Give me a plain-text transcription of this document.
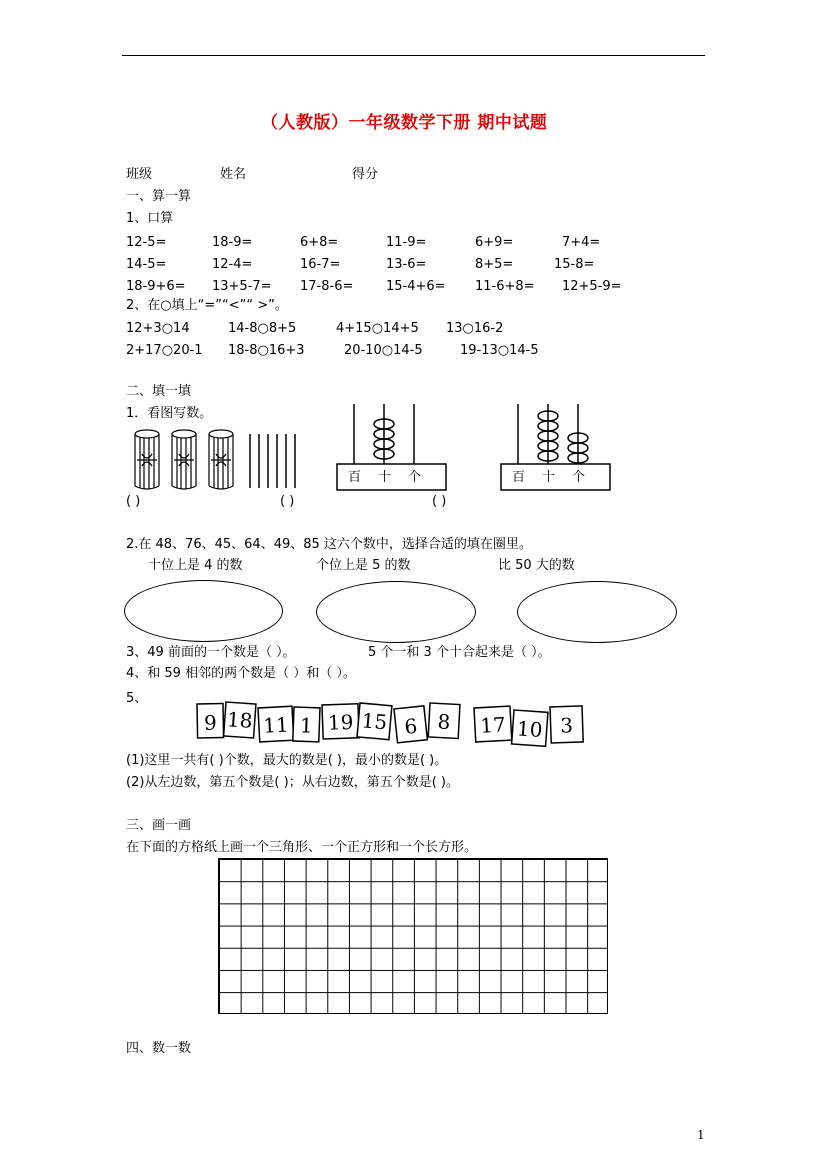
（人教版）一年级数学下册 期中试题
班级	姓名	得分
一、算一算
1、口算
12-5=	18-9=	6+8=	11-9=	6+9=	7+4=
14-5=	12-4=	16-7=	13-6=	8+5=	15-8=
18-9+6= 13+5-7= 17-8-6=	15-4+6= 11-6+8= 12+5-9=
2、在○填上“=”“<”“ >”。
12+3○14	14-8○8+5	4+15○14+5 13○16-2
2+17○20-1 18-8○16+3	20-10○14-5	19-13○14-5
二、填一填
1．看图写数。
百 十 个	百 十 个
( )	( )	( )
2.在 48、76、45、64、49、85 这六个数中，选择合适的填在圈里。
十位上是 4 的数	个位上是 5 的数	比 50 大的数
3、49 前面的一个数是（ ）。	5 个一和 3 个十合起来是（ ）。
4、和 59 相邻的两个数是（ ）和（ ）。
5、
9 18 11 1 19 15 6 8 17 10 3
(1)这里一共有( )个数，最大的数是( )，最小的数是( )。
(2)从左边数，第五个数是( )；从右边数，第五个数是( )。
三、画一画
在下面的方格纸上画一个三角形、一个正方形和一个长方形。
四、数一数
1
